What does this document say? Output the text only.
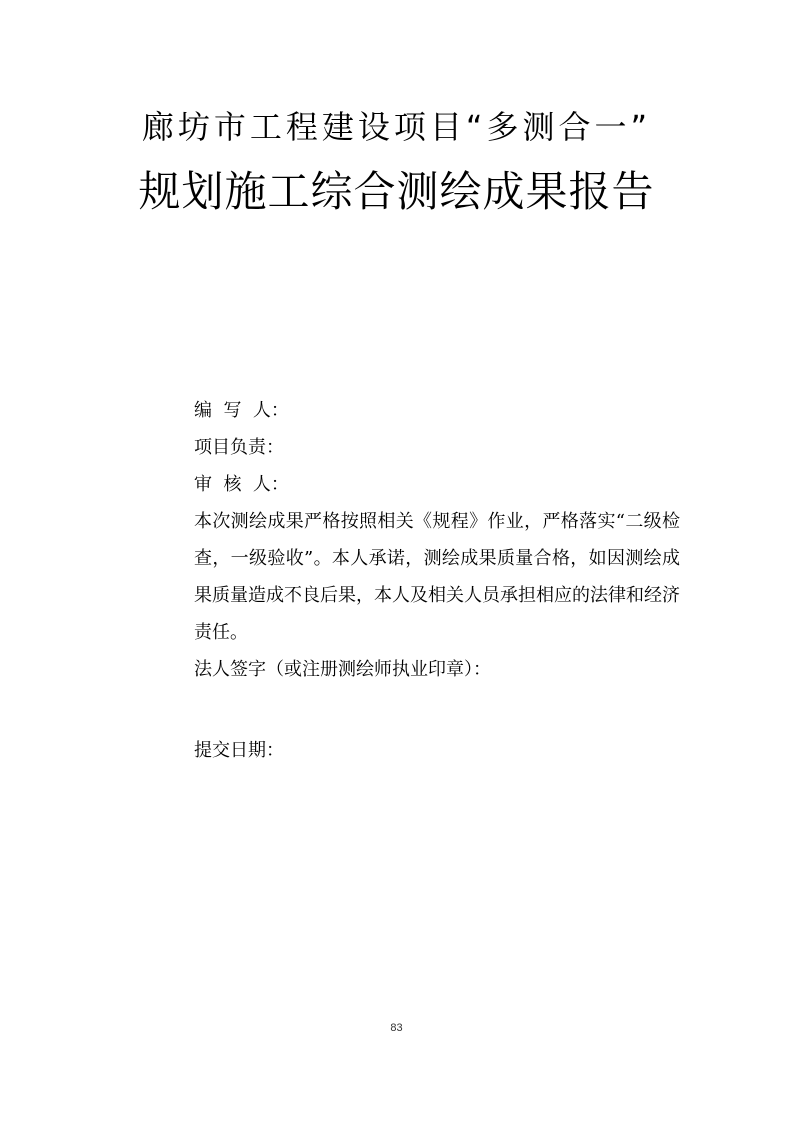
廊坊市工程建设项目“多测合一”
规划施工综合测绘成果报告
编  写  人：
项目负责：
审  核  人：
本次测绘成果严格按照相关《规程》作业，严格落实“二级检查，一级验收”。本人承诺，测绘成果质量合格，如因测绘成果质量造成不良后果，本人及相关人员承担相应的法律和经济责任。
法人签字（或注册测绘师执业印章）：
提交日期：
83
